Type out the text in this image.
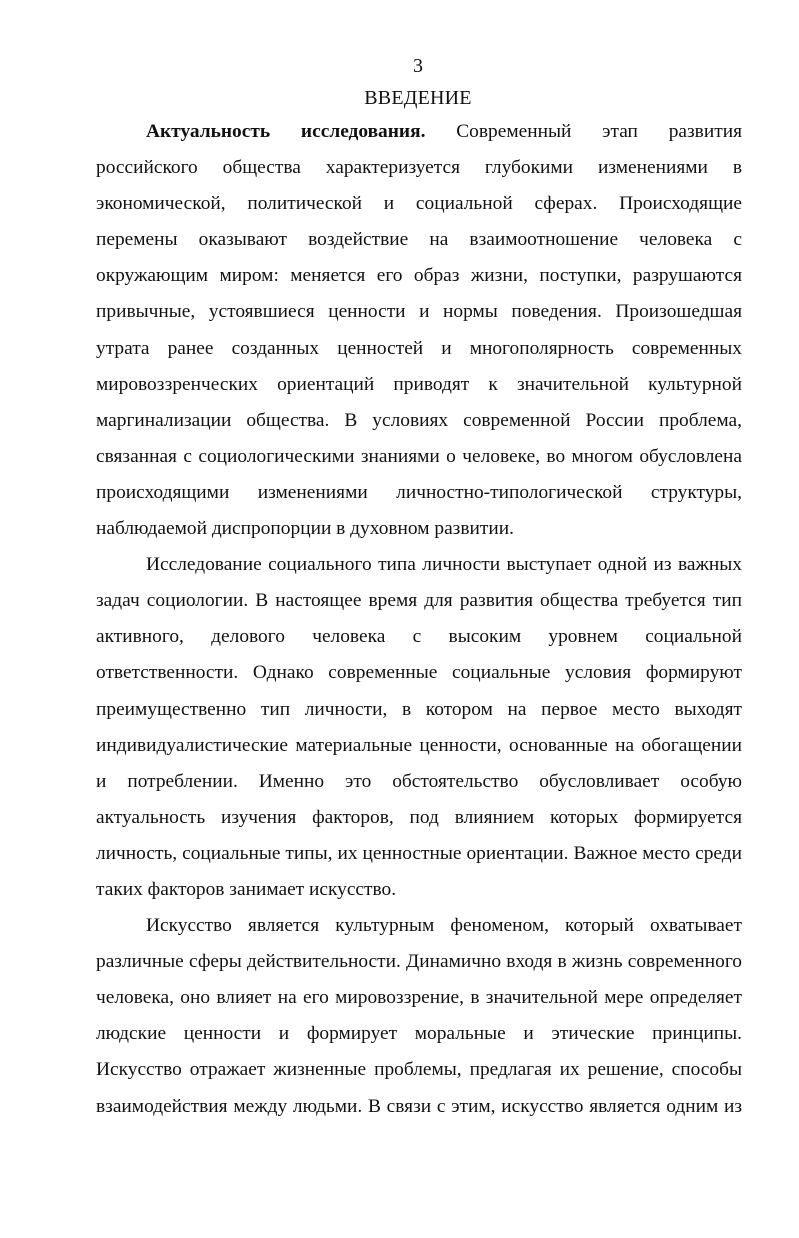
3
ВВЕДЕНИЕ
Актуальность исследования. Современный этап развития
российского общества характеризуется глубокими изменениями в
экономической, политической и социальной сферах. Происходящие
перемены оказывают воздействие на взаимоотношение человека с
окружающим миром: меняется его образ жизни, поступки, разрушаются
привычные, устоявшиеся ценности и нормы поведения. Произошедшая
утрата ранее созданных ценностей и многополярность современных
мировоззренческих ориентаций приводят к значительной культурной
маргинализации общества. В условиях современной России проблема,
связанная с социологическими знаниями о человеке, во многом обусловлена
происходящими изменениями личностно-типологической структуры,
наблюдаемой диспропорции в духовном развитии.
Исследование социального типа личности выступает одной из важных
задач социологии. В настоящее время для развития общества требуется тип
активного, делового человека с высоким уровнем социальной
ответственности. Однако современные социальные условия формируют
преимущественно тип личности, в котором на первое место выходят
индивидуалистические материальные ценности, основанные на обогащении
и потреблении. Именно это обстоятельство обусловливает особую
актуальность изучения факторов, под влиянием которых формируется
личность, социальные типы, их ценностные ориентации. Важное место среди
таких факторов занимает искусство.
Искусство является культурным феноменом, который охватывает
различные сферы действительности. Динамично входя в жизнь современного
человека, оно влияет на его мировоззрение, в значительной мере определяет
людские ценности и формирует моральные и этические принципы.
Искусство отражает жизненные проблемы, предлагая их решение, способы
взаимодействия между людьми. В связи с этим, искусство является одним из
